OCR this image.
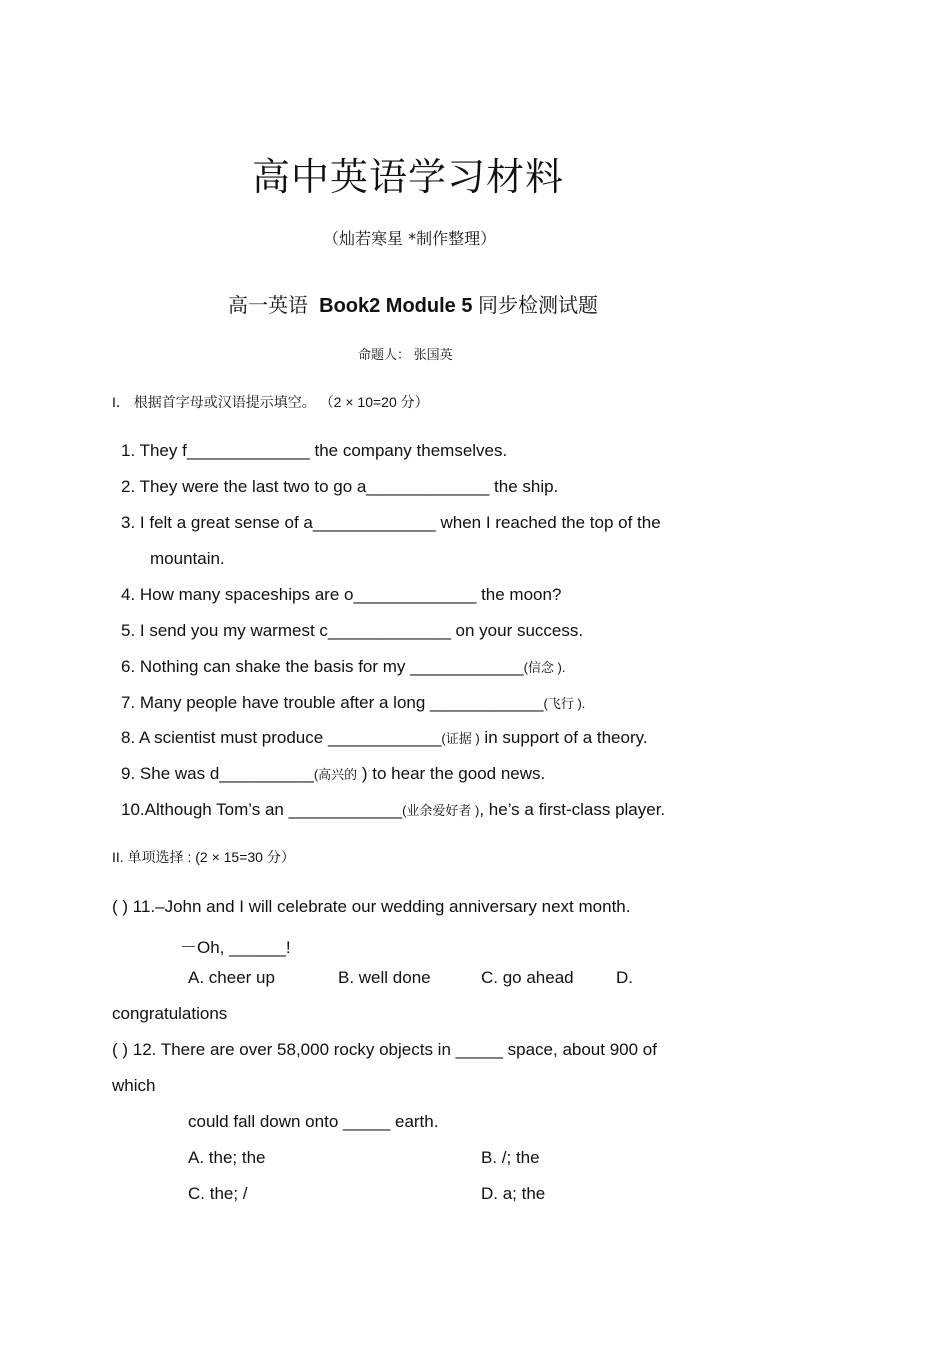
高中英语学习材料
（灿若寒星 *制作整理）
高一英语 Book2 Module 5 同步检测试题
命题人： 张国英
I． 根据首字母或汉语提示填空。 （2 × 10=20 分）
1. They f_____________ the company themselves.
2. They were the last two to go a_____________ the ship.
3. I felt a great sense of a_____________ when I reached the top of the
mountain.
4. How many spaceships are o_____________ the moon?
5. I send you my warmest c_____________ on your success.
6. Nothing can shake the basis for my ____________(信念 ).
7. Many people have trouble after a long ____________(飞行 ).
8. A scientist must produce ____________(证据 ) in support of a theory.
9. She was d__________(高兴的 ) to hear the good news.
10.Although Tom’s an ____________(业余爱好者 ), he’s a first-class player.
II. 单项选择 : (2 × 15=30 分）
( ) 11.–John and I will celebrate our wedding anniversary next month.
－Oh, ______!
A. cheer up	B. well done	C. go ahead D.
congratulations
( ) 12. There are over 58,000 rocky objects in _____ space, about 900 of
which
could fall down onto _____ earth.
A. the; the	B. /; the
C. the; /	D. a; the
